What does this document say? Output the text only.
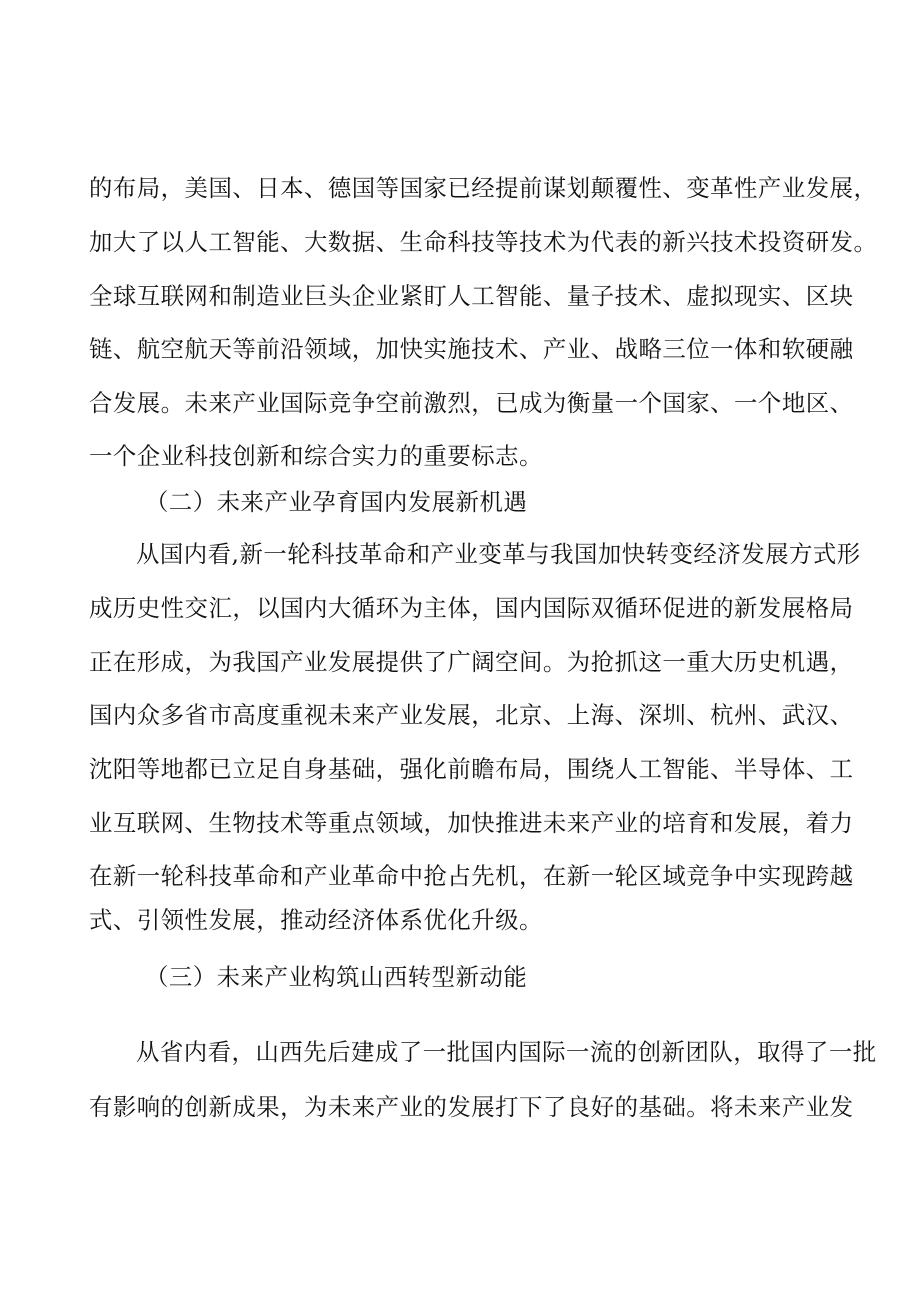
的布局，美国、日本、德国等国家已经提前谋划颠覆性、变革性产业发展，
加大了以人工智能、大数据、生命科技等技术为代表的新兴技术投资研发。
全球互联网和制造业巨头企业紧盯人工智能、量子技术、虚拟现实、区块
链、航空航天等前沿领域，加快实施技术、产业、战略三位一体和软硬融
合发展。未来产业国际竞争空前激烈，已成为衡量一个国家、一个地区、
一个企业科技创新和综合实力的重要标志。
（二）未来产业孕育国内发展新机遇
从国内看,新一轮科技革命和产业变革与我国加快转变经济发展方式形
成历史性交汇，以国内大循环为主体，国内国际双循环促进的新发展格局
正在形成，为我国产业发展提供了广阔空间。为抢抓这一重大历史机遇，
国内众多省市高度重视未来产业发展，北京、上海、深圳、杭州、武汉、
沈阳等地都已立足自身基础，强化前瞻布局，围绕人工智能、半导体、工
业互联网、生物技术等重点领域，加快推进未来产业的培育和发展，着力
在新一轮科技革命和产业革命中抢占先机，在新一轮区域竞争中实现跨越
式、引领性发展，推动经济体系优化升级。
（三）未来产业构筑山西转型新动能
从省内看，山西先后建成了一批国内国际一流的创新团队，取得了一批
有影响的创新成果，为未来产业的发展打下了良好的基础。将未来产业发
